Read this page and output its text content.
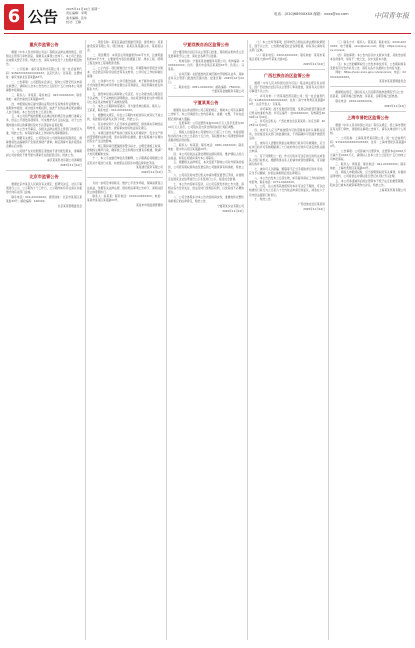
6 公告	2025年11月10日 星期一
责任编辑：李明
美术编辑：张华
校对：王静
电话：(010)6890XXXX 邮箱：xxxx@xx.com	中国青年报
重庆市监管公告
根据《中华人民共和国公司法》等相关法律法规的规定，经相关主管部门审核同意，现就有关事项公告如下。本公司已依法完成相关登记手续，特此公告，请有关单位及个人知悉并相互转告。
一、公司名称：重庆某某科技有限公司；统一社会信用代码：9150XXXXXXXXXXXXXX；法定代表人：张某某；注册地址：重庆市渝北区某某路XX号。
二、公告事项：公司经股东会决议，拟向公司登记机关申请注销登记，请债权人自本公告发布之日起四十五日内向本公司清算组申报债权。
三、联系人：李某某；联系电话：023-XXXXXXXX；联系地址：重庆市渝北区某某路XX号。
四、申报债权时应提交债权证明文件及有效身份证明材料，逾期未申报的，视为放弃申报权利，由此产生的法律后果由债权人自行承担。本公告自发布之日起生效。
五、本公司将严格按照相关法律法规的规定依法履行清算义务，依法公平清偿各项债务，切实维护各方合法权益，对于公告期内提出异议的事项将及时予以答复并妥善处理。
六、本公告未尽事宜，以相关法律法规及主管部门的规定为准，特此公告。如有疑问请在工作时间与清算组联系。
七、根据有关规定，公司股东对公司债务承担有限责任，清算组将依法编制资产负债表和财产清单，制定清算方案并报股东会确认后实施。
八、公司财产在未依照规定清偿前不得分配给股东，清算期间公司存续但不得开展与清算无关的经营活动，特此公告。
重庆某某科技有限公司清算组
2025年11月10日
北京市监管公告
根据北京市某区人民政府有关规定，经研究决定，对以下事项进行公示，公示期为十个工作日，公示期内如有异议请以书面形式向有关部门反映。
联系电话：010-XXXXXXXX；通讯地址：北京市某某区某某街XX号；邮政编码：100XXX。
北京某某管理委员会
一、项目名称：某某区基础设施建设项目；建设单位：某某建设投资有限公司；项目地址：某某区某某路以东、某某街以北。
二、项目概况：本项目总用地面积约XX平方米，总建筑面积约XX平方米，主要建设内容包括道路工程、排水工程、照明工程及绿化工程等配套设施。
三、公示内容：项目规划设计方案、环境影响评价报告书简本、社会稳定风险评估报告等有关材料，公众可在工作时间前往查阅。
四、公众参与方式：公众可通过信函、电子邮件或者电话等方式向建设单位或评价单位提出意见和建议，请注明真实姓名和联系方式。
五、建设单位将认真听取公众意见，对公众提出的合理意见予以采纳，不予采纳的将说明理由，并在报送审批的文件中附具对公众意见采纳或者不采纳的说明。
六、本次公示期间如有疑问，可与建设单位联系，联系人：王某某，联系电话：010-XXXXXXXX。
七、根据相关规定，对在公示期内未收到异议或异议不成立的，将按程序报请有关部门审批，特此公示。
八、有关单位和个人应当如实反映情况，提供真实有效的证明材料，对恶意诬告、捏造事实的将依法追究责任。
九、本项目建设将严格执行国家有关环境保护、安全生产和质量管理的法律法规，落实各项防治措施，最大程度减少对周边居民生产生活的影响。
十、施工期间将设置围挡和警示标志，合理安排施工时间，控制扬尘噪声污染，确保施工安全和周边交通有序畅通，敬请广大市民理解和支持。
十一、本公示由建设单位负责解释，公示期满后将根据公众意见对方案进行完善，并按照法定程序办理后续审批手续。
某某建设投资有限公司
2025年11月10日
为进一步规范市场秩序，维护公平竞争环境，保障消费者合法权益，依据有关法律法规，现将相关事项公告如下，请相关经营主体遵照执行。
联系人：赵某某；联系电话：XXXX-XXXXXXXX；地址：某某市某某区某某路XX号。
某某市市场监督管理局
宁夏回族自治区监管公告
经宁夏回族自治区有关主管部门批准，现将相关机构设立及变更事项予以公告，请社会各界予以监督。
一、机构名称：宁夏某某金融服务有限公司；机构编码：XXXXXXXXXX；住所：银川市金凤区某某街XX号；负责人：马某某。
二、业务范围：在经批准的区域范围内开展相关业务，具体业务以主管部门批准的范围为准；批准日期：2025年10月XX日。
三、联系电话：0951-XXXXXXX；邮政编码：750XXX。
宁夏某某金融服务有限公司
宁夏某某公告
根据有关法律法规和公司章程的规定，现就本公司有关事项公告如下，本公司承诺所公告内容真实、准确、完整，不存在虚假记载和重大遗漏。
一、变更事项：公司注册资本由XXXX万元人民币变更为XXXX万元人民币，公司股东及出资比例同步进行相应调整。
二、债权人自接到本公司通知书之日起三十日内，未接到通知书的自本公告之日起四十五日内，有权要求本公司清偿债务或者提供相应的担保。
三、联系人：杨某某；联系电话：0951-XXXXXXX；联系地址：银川市兴庆区某某路XX号。
四、本公司将依法妥善处理相关债权债务，维护债权人的合法权益，如有任何疑问请与本公司联系。
五、根据相关法律规定，本次变更不影响公司对外债务的承担，公司原有债权债务由变更后的公司继续享有和承担，特此公告。
六、公司将及时向登记机关申请办理变更登记手续，并按规定在国家企业信用信息公示系统进行公示，接受社会监督。
七、本公告内容如有变动，以公司后续发布的公告为准，请相关各方密切关注，依法及时行使相应权利，以免造成不必要的损失。
八、公司全体股东对本公告内容的真实性、准确性和完整性承担相应的法律责任，特此公告。
宁夏某某实业有限公司
2025年11月10日
（七）本公告所列事项，经审核符合相关法律法规和政策规定，现予以公告，公告期内接受社会各界监督，如有异议请向有关部门反映。
（八）联系电话：XXXX-XXXXXXX；联系地址：某某市某某区某某大道XX号某某大厦X层。
2025年11月10日
广西壮族自治区监管公告
根据《中华人民共和国行政许可法》等法律法规及有关规定，经广西壮族自治区有关主管部门审查批准，现将有关行政许可事项予以公告。
一、许可对象：广西某某医药有限公司；统一社会信用代码：9145XXXXXXXXXXXXXX；住所：南宁市青秀区某某路XX号；法定代表人：韦某某。
二、许可事项：准予变更经营范围，变更后的经营范围以登记机关核准的为准；许可证编号：桂XXXXXXXX；有效期至2030年11月09日。
三、许可决定机关：广西壮族自治区某某局；决定日期：2025年11月XX日。
四、被许可人应当严格按照许可的范围和条件从事相关活动，自觉接受有关部门的监督检查，不得超越许可范围开展经营活动。
五、被许可人需要延续依法取得的行政许可有效期的，应当在该行政许可有效期届满三十日前向作出行政许可决定的机关提出申请。
六、有下列情形之一的，作出行政许可决定的行政机关或者其上级行政机关，根据利害关系人的请求或者依据职权，可以撤销行政许可。
七、被许可人以欺骗、贿赂等不正当手段取得行政许可的，应当予以撤销，并依法承担相应的法律责任。
八、本公告自发布之日起生效，如有疑问请在工作时间内致电咨询，联系电话：0771-XXXXXXX。
九、公民、法人或者其他组织对本许可决定不服的，可以自知道该行政行为之日起六十日内依法申请行政复议，或者在六个月内依法提起行政诉讼。
十、特此公告。
广西壮族自治区某某局
2025年11月10日
（三）联系方式：联系人：陈某某；联系电话：XXXX-XXXXXXX；电子邮箱：xxxx@xxxx.com；网址：https://xxxx.gov.cn/xxxx。
（四）其他事项：本公告内容以中文版本为准，其他语言版本仅供参考，如有不一致之处，以中文版本为准。
（五）本公告的解释权归公告发布单位所有，公告期间如有变更将另行发布补充公告，请有关各方以最新公告内容为准。
网址：https://xxxx.xxxx.gov.cn/xxxx/xxxx；电话：XXXX-XXXXXXXX。
某某市某某管理委员会
根据相关规定，现将有关人员任职资格核准情况予以公告：张某某，任职资格已经核准；李某某，任职资格已经核准。
联系电话：XXXX-XXXXXXXX。
2025年11月10日
上海市普陀区监管公告
根据《中华人民共和国公司法》等有关规定，经上海市普陀区有关部门审核，现将相关事项公告如下，请有关单位和个人周知。
一、公司名称：上海某某贸易有限公司；统一社会信用代码：9131XXXXXXXXXXXXXX；住所：上海市普陀区某某路XX号。
二、公告事项：公司拟减少注册资本，注册资本由XXXX万元减少至XXXX万元，请债权人自本公告之日起四十五日内向公司申报债权。
三、联系人：周某某；联系电话：021-XXXXXXXX；联系地址：上海市普陀区某某路XX号。
四、债权人申报债权时，应当说明债权的有关事项，并提供证明材料，公司将依法对债权进行登记并及时予以处理。
五、本公司承诺减资后的注册资本不低于法定的最低限额，股东会已就本次减资事项作出决议，特此公告。
上海某某贸易有限公司
